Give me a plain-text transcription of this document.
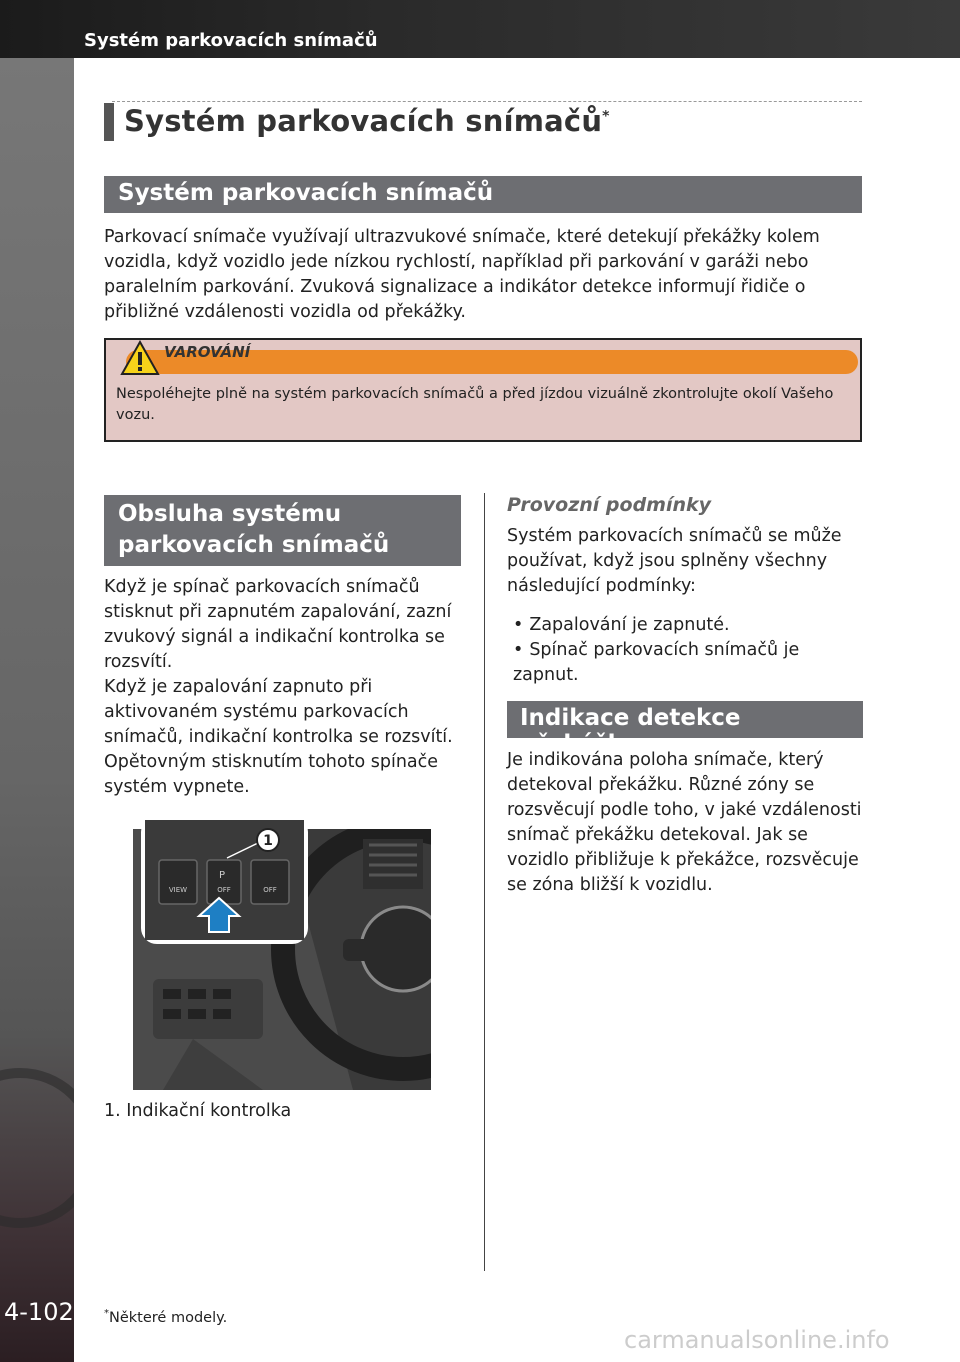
Systém parkovacích snímačů
4-102
Systém parkovacích snímačů*
Systém parkovacích snímačů

Parkovací snímače využívají ultrazvukové snímače, které detekují překážky kolem vozidla, když vozidlo jede nízkou rychlostí, například při parkování v garáži nebo paralelním parkování. Zvuková signalizace a indikátor detekce informují řidiče o přibližné vzdálenosti vozidla od překážky.

VAROVÁNÍ
Nespoléhejte plně na systém parkovacích snímačů a před jízdou vizuálně zkontrolujte okolí Vašeho vozu.
Obsluha systému
parkovacích snímačů
Když je spínač parkovacích snímačů stisknut při zapnutém zapalování, zazní zvukový signál a indikační kontrolka se rozsvítí.
Když je zapalování zapnuto při aktivovaném systému parkovacích snímačů, indikační kontrolka se rozsvítí. Opětovným stisknutím tohoto spínače systém vypnete.
VIEW
P
OFF	OFF
1
1. Indikační kontrolka
Provozní podmínky

Systém parkovacích snímačů se může používat, když jsou splněny všechny následující podmínky:

• Zapalování je zapnuté.
• Spínač parkovacích snímačů je zapnut.
Indikace detekce překážky

Je indikována poloha snímače, který detekoval překážku. Různé zóny se rozsvěcují podle toho, v jaké vzdálenosti snímač překážku detekoval. Jak se vozidlo přibližuje k překážce, rozsvěcuje se zóna bližší k vozidlu.

*Některé modely.
carmanualsonline.info
